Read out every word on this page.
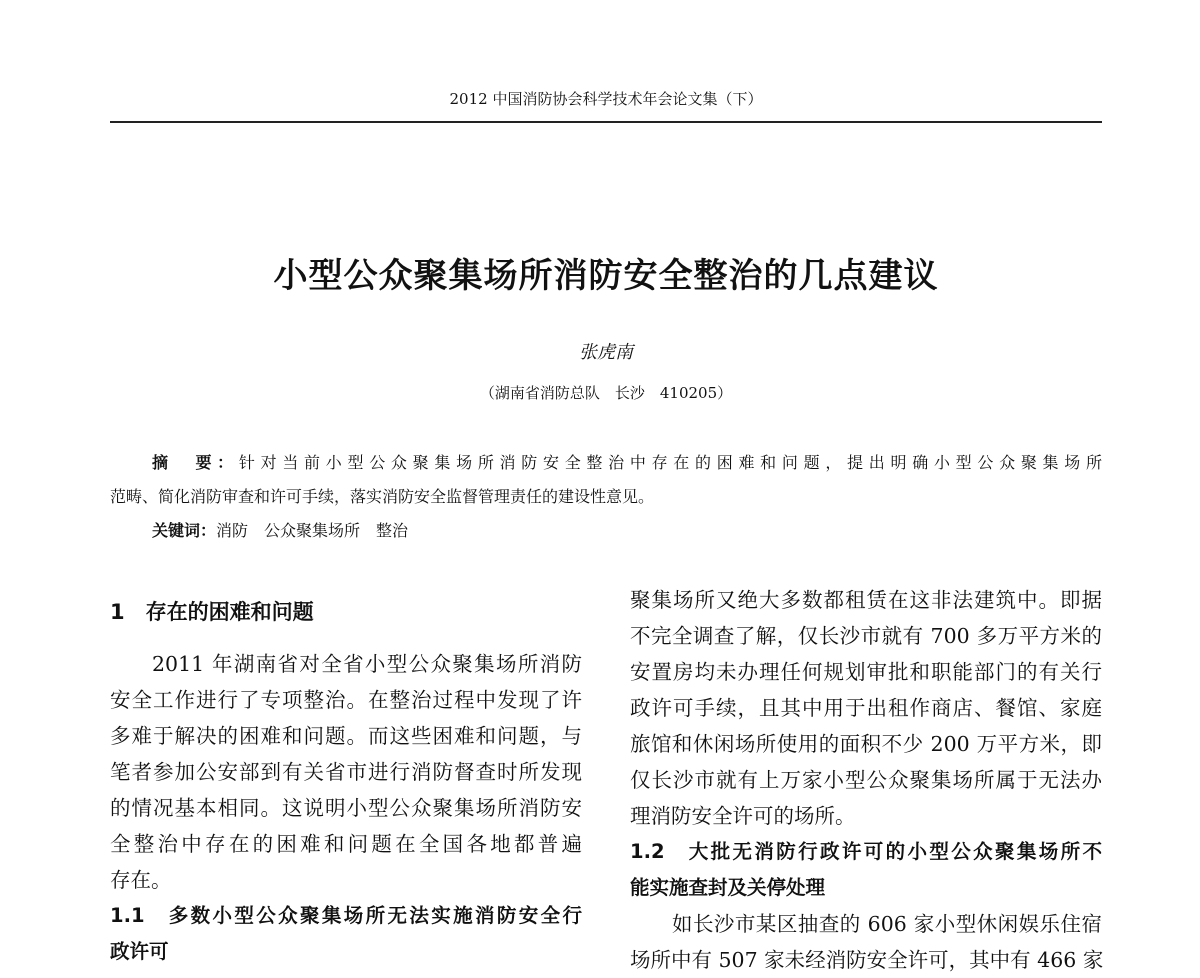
2012 中国消防协会科学技术年会论文集（下）
小型公众聚集场所消防安全整治的几点建议
张虎南
（湖南省消防总队　长沙　410205）
摘　要：针对当前小型公众聚集场所消防安全整治中存在的困难和问题，提出明确小型公众聚集场所
范畴、简化消防审查和许可手续，落实消防安全监督管理责任的建设性意见。
关键词：消防　公众聚集场所　整治
1　存在的困难和问题
2011 年湖南省对全省小型公众聚集场所消防
安全工作进行了专项整治。在整治过程中发现了许
多难于解决的困难和问题。而这些困难和问题，与
笔者参加公安部到有关省市进行消防督查时所发现
的情况基本相同。这说明小型公众聚集场所消防安
全整治中存在的困难和问题在全国各地都普遍
存在。
1.1　多数小型公众聚集场所无法实施消防安全行
政许可
聚集场所又绝大多数都租赁在这非法建筑中。即据
不完全调查了解，仅长沙市就有 700 多万平方米的
安置房均未办理任何规划审批和职能部门的有关行
政许可手续，且其中用于出租作商店、餐馆、家庭
旅馆和休闲场所使用的面积不少 200 万平方米，即
仅长沙市就有上万家小型公众聚集场所属于无法办
理消防安全许可的场所。
1.2　大批无消防行政许可的小型公众聚集场所不
能实施查封及关停处理
如长沙市某区抽查的 606 家小型休闲娱乐住宿
场所中有 507 家未经消防安全许可，其中有 466 家
